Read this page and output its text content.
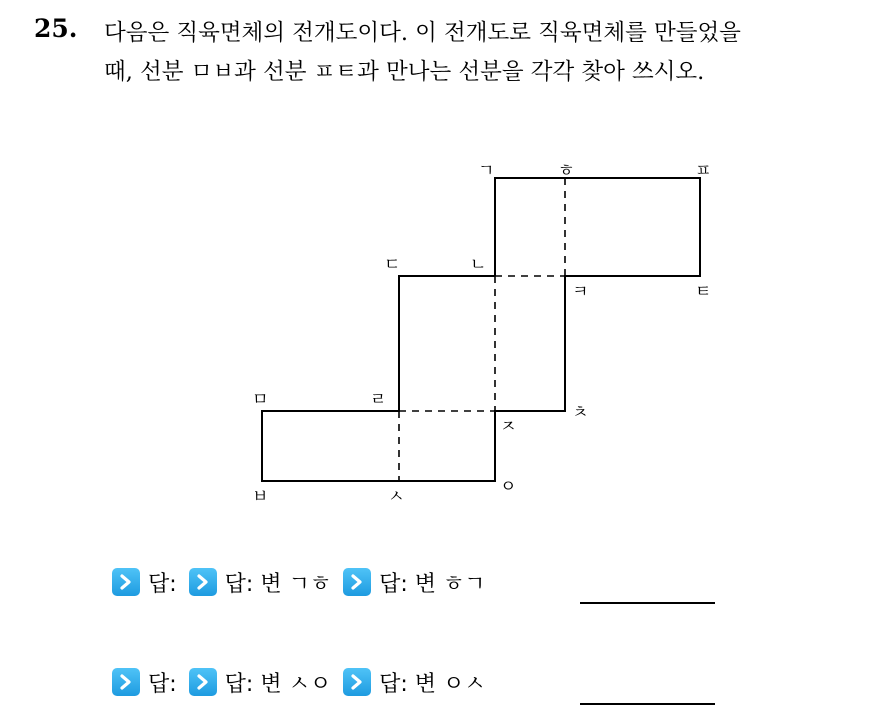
25. 다음은 직육면체의 전개도이다. 이 전개도로 직육면체를 만들었을
때, 선분 ㅁㅂ과 선분 ㅍㅌ과 만나는 선분을 각각 찾아 쓰시오.
ㄱ	ㅎ	ㅍ
ㄷ	ㄴ
ㅋ	ㅌ
ㅁ	ㄹ
ㅊ
ㅈ
ㅂ	ㅅ	ㅇ
답: 답: 변 ㄱㅎ 답: 변 ㅎㄱ
답: 답: 변 ㅅㅇ 답: 변 ㅇㅅ
